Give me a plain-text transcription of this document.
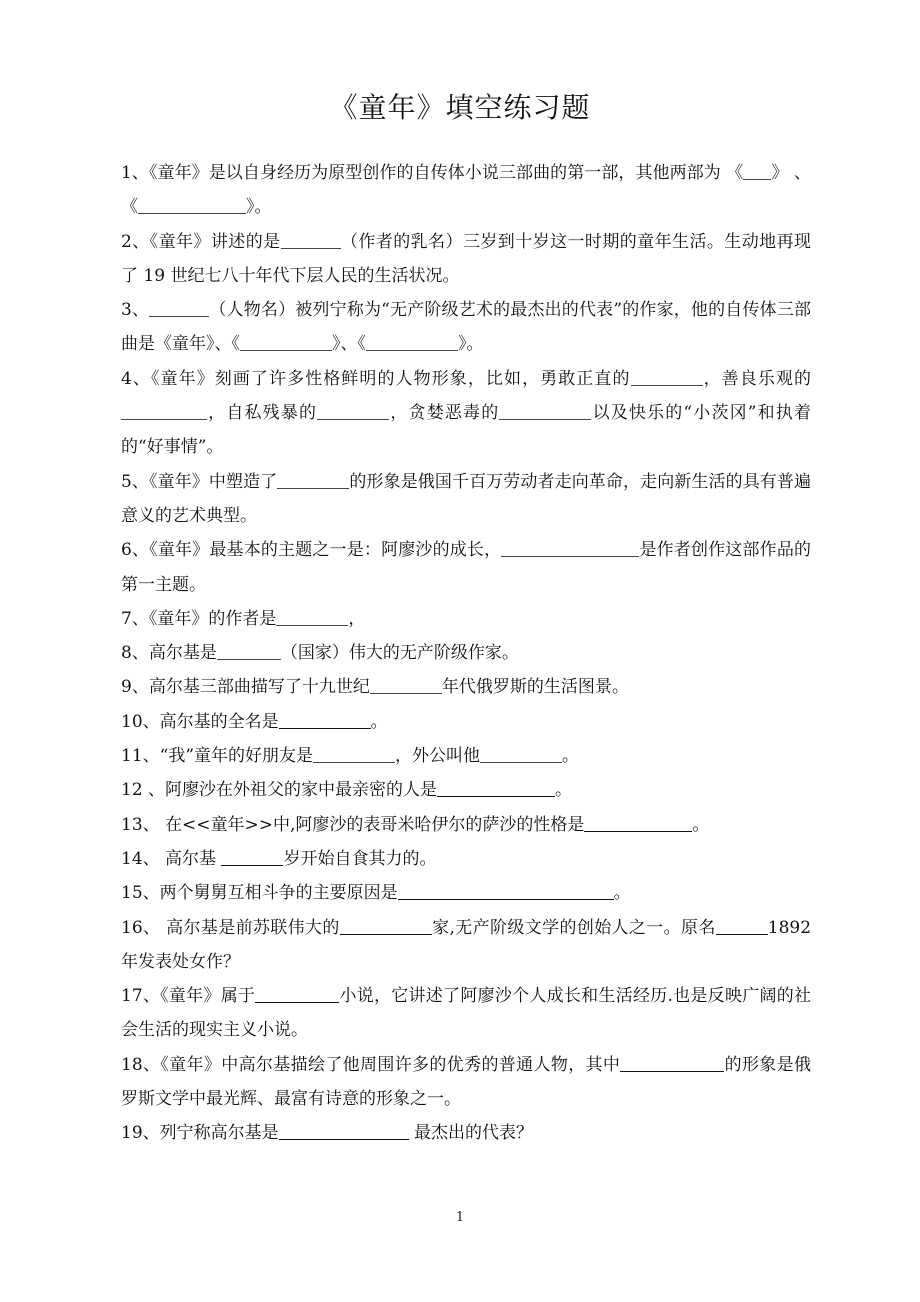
《童年》填空练习题

1、《童年》是以自身经历为原型创作的自传体小说三部曲的第一部，其他两部为 《 》 、《	》。

2、《童年》讲述的是	（作者的乳名）三岁到十岁这一时期的童年生活。生动地再现了 19 世纪七八十年代下层人民的生活状况。

3、	（人物名）被列宁称为“无产阶级艺术的最杰出的代表”的作家，他的自传体三部曲是《童年》、《	》、《	》。

4、《童年》刻画了许多性格鲜明的人物形象，比如，勇敢正直的	，善良乐观的，自私残暴的	，贪婪恶毒的	以及快乐的“小茨冈”和执着的“好事情”。

5、《童年》中塑造了	的形象是俄国千百万劳动者走向革命，走向新生活的具有普遍意义的艺术典型。

6、《童年》最基本的主题之一是：阿廖沙的成长，	是作者创作这部作品的第一主题。

7、《童年》的作者是	，

8、高尔基是	（国家）伟大的无产阶级作家。

9、高尔基三部曲描写了十九世纪	年代俄罗斯的生活图景。

10、高尔基的全名是	。

11、“我”童年的好朋友是	，外公叫他	。

12 、阿廖沙在外祖父的家中最亲密的人是	。

13、 在<<童年>>中,阿廖沙的表哥米哈伊尔的萨沙的性格是	。

14、 高尔基	岁开始自食其力的。

15、两个舅舅互相斗争的主要原因是	。

16、 高尔基是前苏联伟大的	家,无产阶级文学的创始人之一。原名	1892 年发表处女作？

17、《童年》属于	小说，它讲述了阿廖沙个人成长和生活经历.也是反映广阔的社会生活的现实主义小说。

18、《童年》中高尔基描绘了他周围许多的优秀的普通人物，其中	的形象是俄罗斯文学中最光辉、最富有诗意的形象之一。

19、列宁称高尔基是	最杰出的代表？

1
